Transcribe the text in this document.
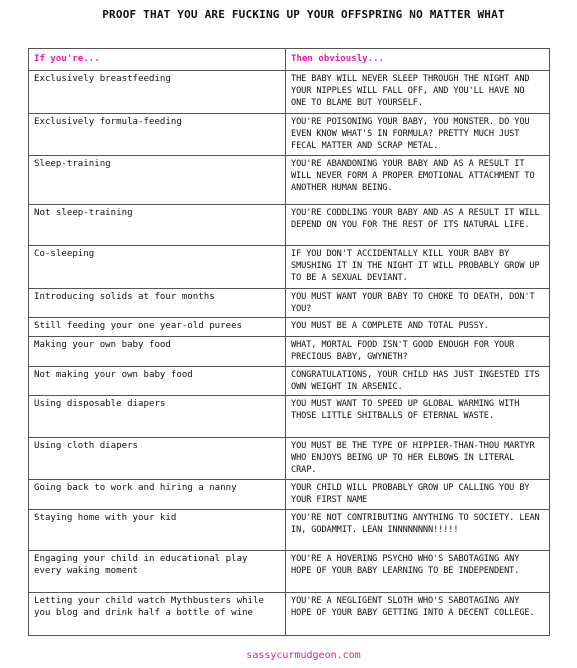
PROOF THAT YOU ARE FUCKING UP YOUR OFFSPRING NO MATTER WHAT
If you're...	Then obviously...
Exclusively breastfeeding	THE BABY WILL NEVER SLEEP THROUGH THE NIGHT AND YOUR NIPPLES WILL FALL OFF, AND YOU'LL HAVE NO ONE TO BLAME BUT YOURSELF.
Exclusively formula-feeding	YOU'RE POISONING YOUR BABY, YOU MONSTER. DO YOU EVEN KNOW WHAT'S IN FORMULA? PRETTY MUCH JUST FECAL MATTER AND SCRAP METAL.
Sleep-training	YOU'RE ABANDONING YOUR BABY AND AS A RESULT IT WILL NEVER FORM A PROPER EMOTIONAL ATTACHMENT TO ANOTHER HUMAN BEING.
Not sleep-training	YOU'RE CODDLING YOUR BABY AND AS A RESULT IT WILL DEPEND ON YOU FOR THE REST OF ITS NATURAL LIFE.
Co-sleeping	IF YOU DON'T ACCIDENTALLY KILL YOUR BABY BY SMUSHING IT IN THE NIGHT IT WILL PROBABLY GROW UP TO BE A SEXUAL DEVIANT.
Introducing solids at four months	YOU MUST WANT YOUR BABY TO CHOKE TO DEATH, DON'T YOU?
Still feeding your one year-old purees	YOU MUST BE A COMPLETE AND TOTAL PUSSY.
Making your own baby food	WHAT, MORTAL FOOD ISN'T GOOD ENOUGH FOR YOUR PRECIOUS BABY, GWYNETH?
Not making your own baby food	CONGRATULATIONS, YOUR CHILD HAS JUST INGESTED ITS OWN WEIGHT IN ARSENIC.
Using disposable diapers	YOU MUST WANT TO SPEED UP GLOBAL WARMING WITH THOSE LITTLE SHITBALLS OF ETERNAL WASTE.
Using cloth diapers	YOU MUST BE THE TYPE OF HIPPIER-THAN-THOU MARTYR WHO ENJOYS BEING UP TO HER ELBOWS IN LITERAL CRAP.
Going back to work and hiring a nanny	YOUR CHILD WILL PROBABLY GROW UP CALLING YOU BY YOUR FIRST NAME
Staying home with your kid	YOU'RE NOT CONTRIBUTING ANYTHING TO SOCIETY. LEAN IN, GODAMMIT. LEAN INNNNNNNN!!!!!
Engaging your child in educational play every waking moment	YOU'RE A HOVERING PSYCHO WHO'S SABOTAGING ANY HOPE OF YOUR BABY LEARNING TO BE INDEPENDENT.
Letting your child watch Mythbusters while you blog and drink half a bottle of wine	YOU'RE A NEGLIGENT SLOTH WHO'S SABOTAGING ANY HOPE OF YOUR BABY GETTING INTO A DECENT COLLEGE.
sassycurmudgeon.com
